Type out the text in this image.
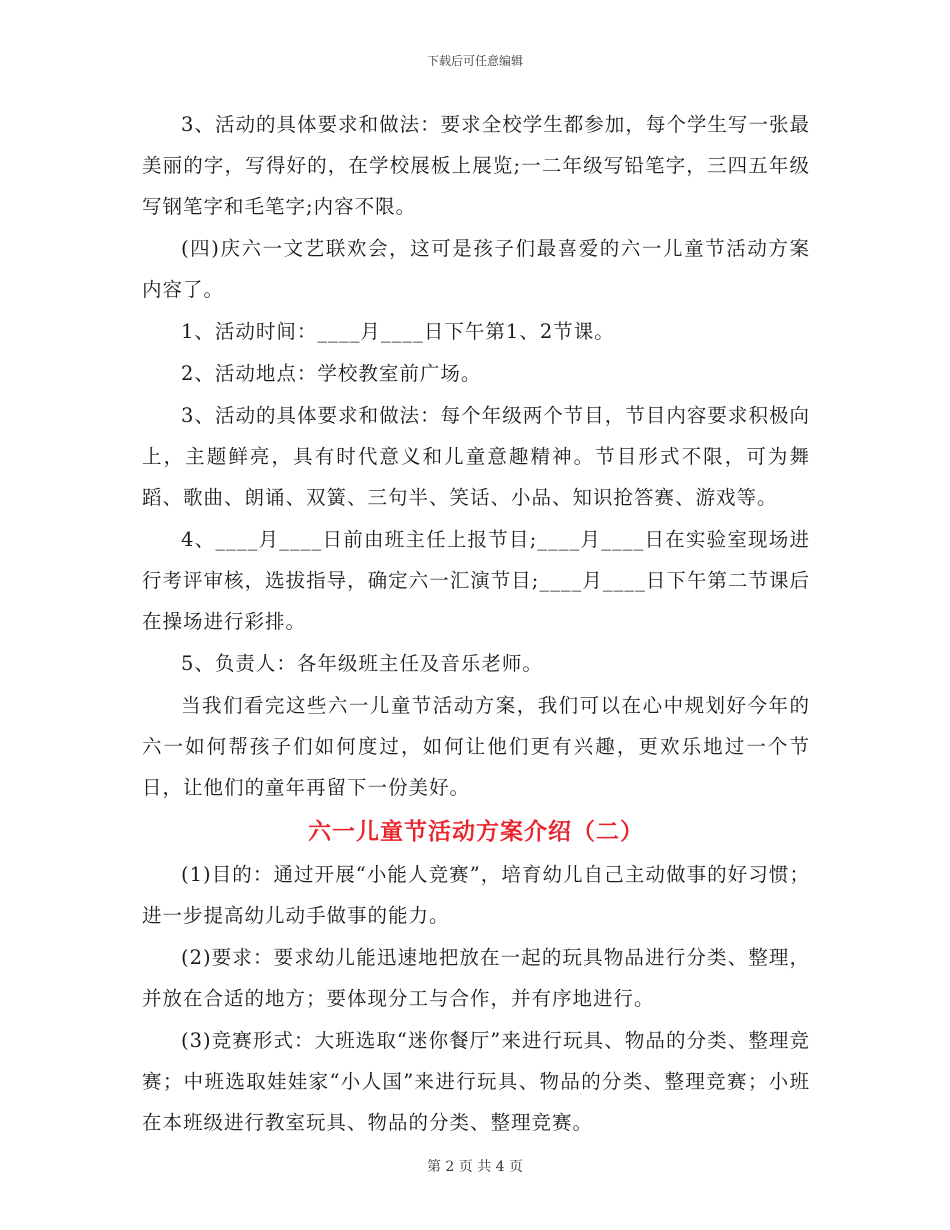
下载后可任意编辑

3、活动的具体要求和做法：要求全校学生都参加，每个学生写一张最美丽的字，写得好的，在学校展板上展览;一二年级写铅笔字，三四五年级写钢笔字和毛笔字;内容不限。

(四)庆六一文艺联欢会，这可是孩子们最喜爱的六一儿童节活动方案内容了。

1、活动时间：____月____日下午第1、2节课。

2、活动地点：学校教室前广场。

3、活动的具体要求和做法：每个年级两个节目，节目内容要求积极向上，主题鲜亮，具有时代意义和儿童意趣精神。节目形式不限，可为舞蹈、歌曲、朗诵、双簧、三句半、笑话、小品、知识抢答赛、游戏等。

4、____月____日前由班主任上报节目;____月____日在实验室现场进行考评审核，选拔指导，确定六一汇演节目;____月____日下午第二节课后在操场进行彩排。

5、负责人：各年级班主任及音乐老师。

当我们看完这些六一儿童节活动方案，我们可以在心中规划好今年的六一如何帮孩子们如何度过，如何让他们更有兴趣，更欢乐地过一个节日，让他们的童年再留下一份美好。

六一儿童节活动方案介绍（二）

(1)目的：通过开展“小能人竞赛”，培育幼儿自己主动做事的好习惯；进一步提高幼儿动手做事的能力。

(2)要求：要求幼儿能迅速地把放在一起的玩具物品进行分类、整理，并放在合适的地方；要体现分工与合作，并有序地进行。

(3)竞赛形式：大班选取“迷你餐厅”来进行玩具、物品的分类、整理竞赛；中班选取娃娃家“小人国”来进行玩具、物品的分类、整理竞赛；小班在本班级进行教室玩具、物品的分类、整理竞赛。

第 2 页 共 4 页
